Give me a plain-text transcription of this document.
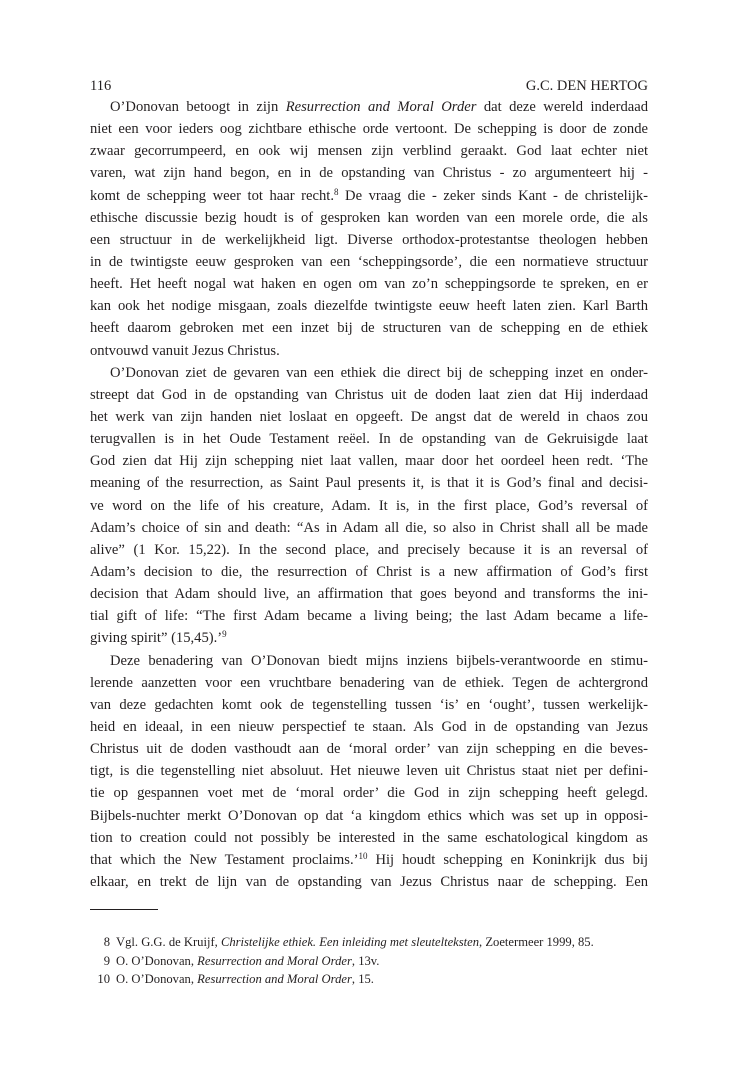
116	G.C. DEN HERTOG
O’Donovan betoogt in zijn Resurrection and Moral Order dat deze wereld inderdaad
niet een voor ieders oog zichtbare ethische orde vertoont. De schepping is door de zonde
zwaar gecorrumpeerd, en ook wij mensen zijn verblind geraakt. God laat echter niet
varen, wat zijn hand begon, en in de opstanding van Christus - zo argumenteert hij -
komt de schepping weer tot haar recht.$^8$ De vraag die - zeker sinds Kant - de christelijk-
ethische discussie bezig houdt is of gesproken kan worden van een morele orde, die als
een structuur in de werkelijkheid ligt. Diverse orthodox-protestantse theologen hebben
in de twintigste eeuw gesproken van een ‘scheppingsorde’, die een normatieve structuur
heeft. Het heeft nogal wat haken en ogen om van zo’n scheppingsorde te spreken, en er
kan ook het nodige misgaan, zoals diezelfde twintigste eeuw heeft laten zien. Karl Barth
heeft daarom gebroken met een inzet bij de structuren van de schepping en de ethiek
ontvouwd vanuit Jezus Christus.
O’Donovan ziet de gevaren van een ethiek die direct bij de schepping inzet en onder-
streept dat God in de opstanding van Christus uit de doden laat zien dat Hij inderdaad
het werk van zijn handen niet loslaat en opgeeft. De angst dat de wereld in chaos zou
terugvallen is in het Oude Testament reëel. In de opstanding van de Gekruisigde laat
God zien dat Hij zijn schepping niet laat vallen, maar door het oordeel heen redt. ‘The
meaning of the resurrection, as Saint Paul presents it, is that it is God’s final and decisi-
ve word on the life of his creature, Adam. It is, in the first place, God’s reversal of
Adam’s choice of sin and death: “As in Adam all die, so also in Christ shall all be made
alive” (1 Kor. 15,22). In the second place, and precisely because it is an reversal of
Adam’s decision to die, the resurrection of Christ is a new affirmation of God’s first
decision that Adam should live, an affirmation that goes beyond and transforms the ini-
tial gift of life: “The first Adam became a living being; the last Adam became a life-
giving spirit” (15,45).’$^9$
Deze benadering van O’Donovan biedt mijns inziens bijbels-verantwoorde en stimu-
lerende aanzetten voor een vruchtbare benadering van de ethiek. Tegen de achtergrond
van deze gedachten komt ook de tegenstelling tussen ‘is’ en ‘ought’, tussen werkelijk-
heid en ideaal, in een nieuw perspectief te staan. Als God in de opstanding van Jezus
Christus uit de doden vasthoudt aan de ‘moral order’ van zijn schepping en die beves-
tigt, is die tegenstelling niet absoluut. Het nieuwe leven uit Christus staat niet per defini-
tie op gespannen voet met de ‘moral order’ die God in zijn schepping heeft gelegd.
Bijbels-nuchter merkt O’Donovan op dat ‘a kingdom ethics which was set up in opposi-
tion to creation could not possibly be interested in the same eschatological kingdom as
that which the New Testament proclaims.’$^{10}$ Hij houdt schepping en Koninkrijk dus bij
elkaar, en trekt de lijn van de opstanding van Jezus Christus naar de schepping. Een
8 Vgl. G.G. de Kruijf, Christelijke ethiek. Een inleiding met sleutelteksten, Zoetermeer 1999, 85.
9 O. O’Donovan, Resurrection and Moral Order, 13v.
10 O. O’Donovan, Resurrection and Moral Order, 15.
